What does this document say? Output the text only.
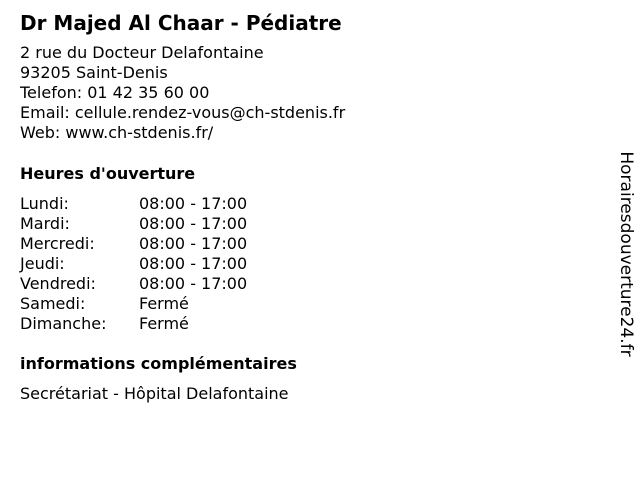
Dr Majed Al Chaar - Pédiatre
2 rue du Docteur Delafontaine
93205 Saint-Denis
Telefon: 01 42 35 60 00
Email: cellule.rendez-vous@ch-stdenis.fr
Web: www.ch-stdenis.fr/
Heures d'ouverture
Lundi:	08:00 - 17:00
Mardi:	08:00 - 17:00
Mercredi:	08:00 - 17:00
Jeudi:	08:00 - 17:00
Vendredi:	08:00 - 17:00
Samedi:	Fermé
Dimanche:	Fermé
informations complémentaires
Secrétariat - Hôpital Delafontaine
Horairesdouverture24.fr
